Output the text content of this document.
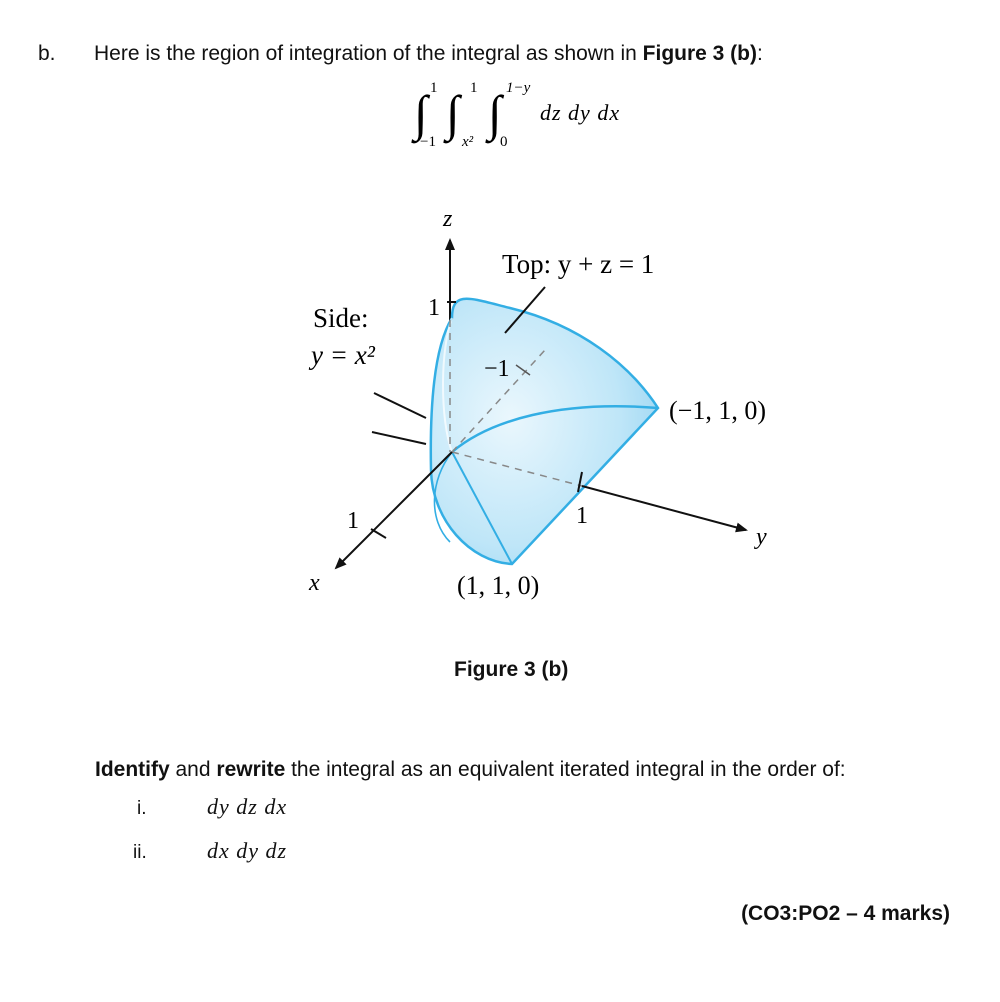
b. Here is the region of integration of the integral as shown in Figure 3 (b):
∫ 1
−1
∫ 1
x²
∫ 1−y
0
dz dy dx
z
y
x
1
1
1
−1
Top: y + z = 1
Side:
y = x²
(−1, 1, 0)
(1, 1, 0)
Figure 3 (b)
Identify and rewrite the integral as an equivalent iterated integral in the order of:
i.	dy dz dx
ii.	dx dy dz
(CO3:PO2 – 4 marks)
